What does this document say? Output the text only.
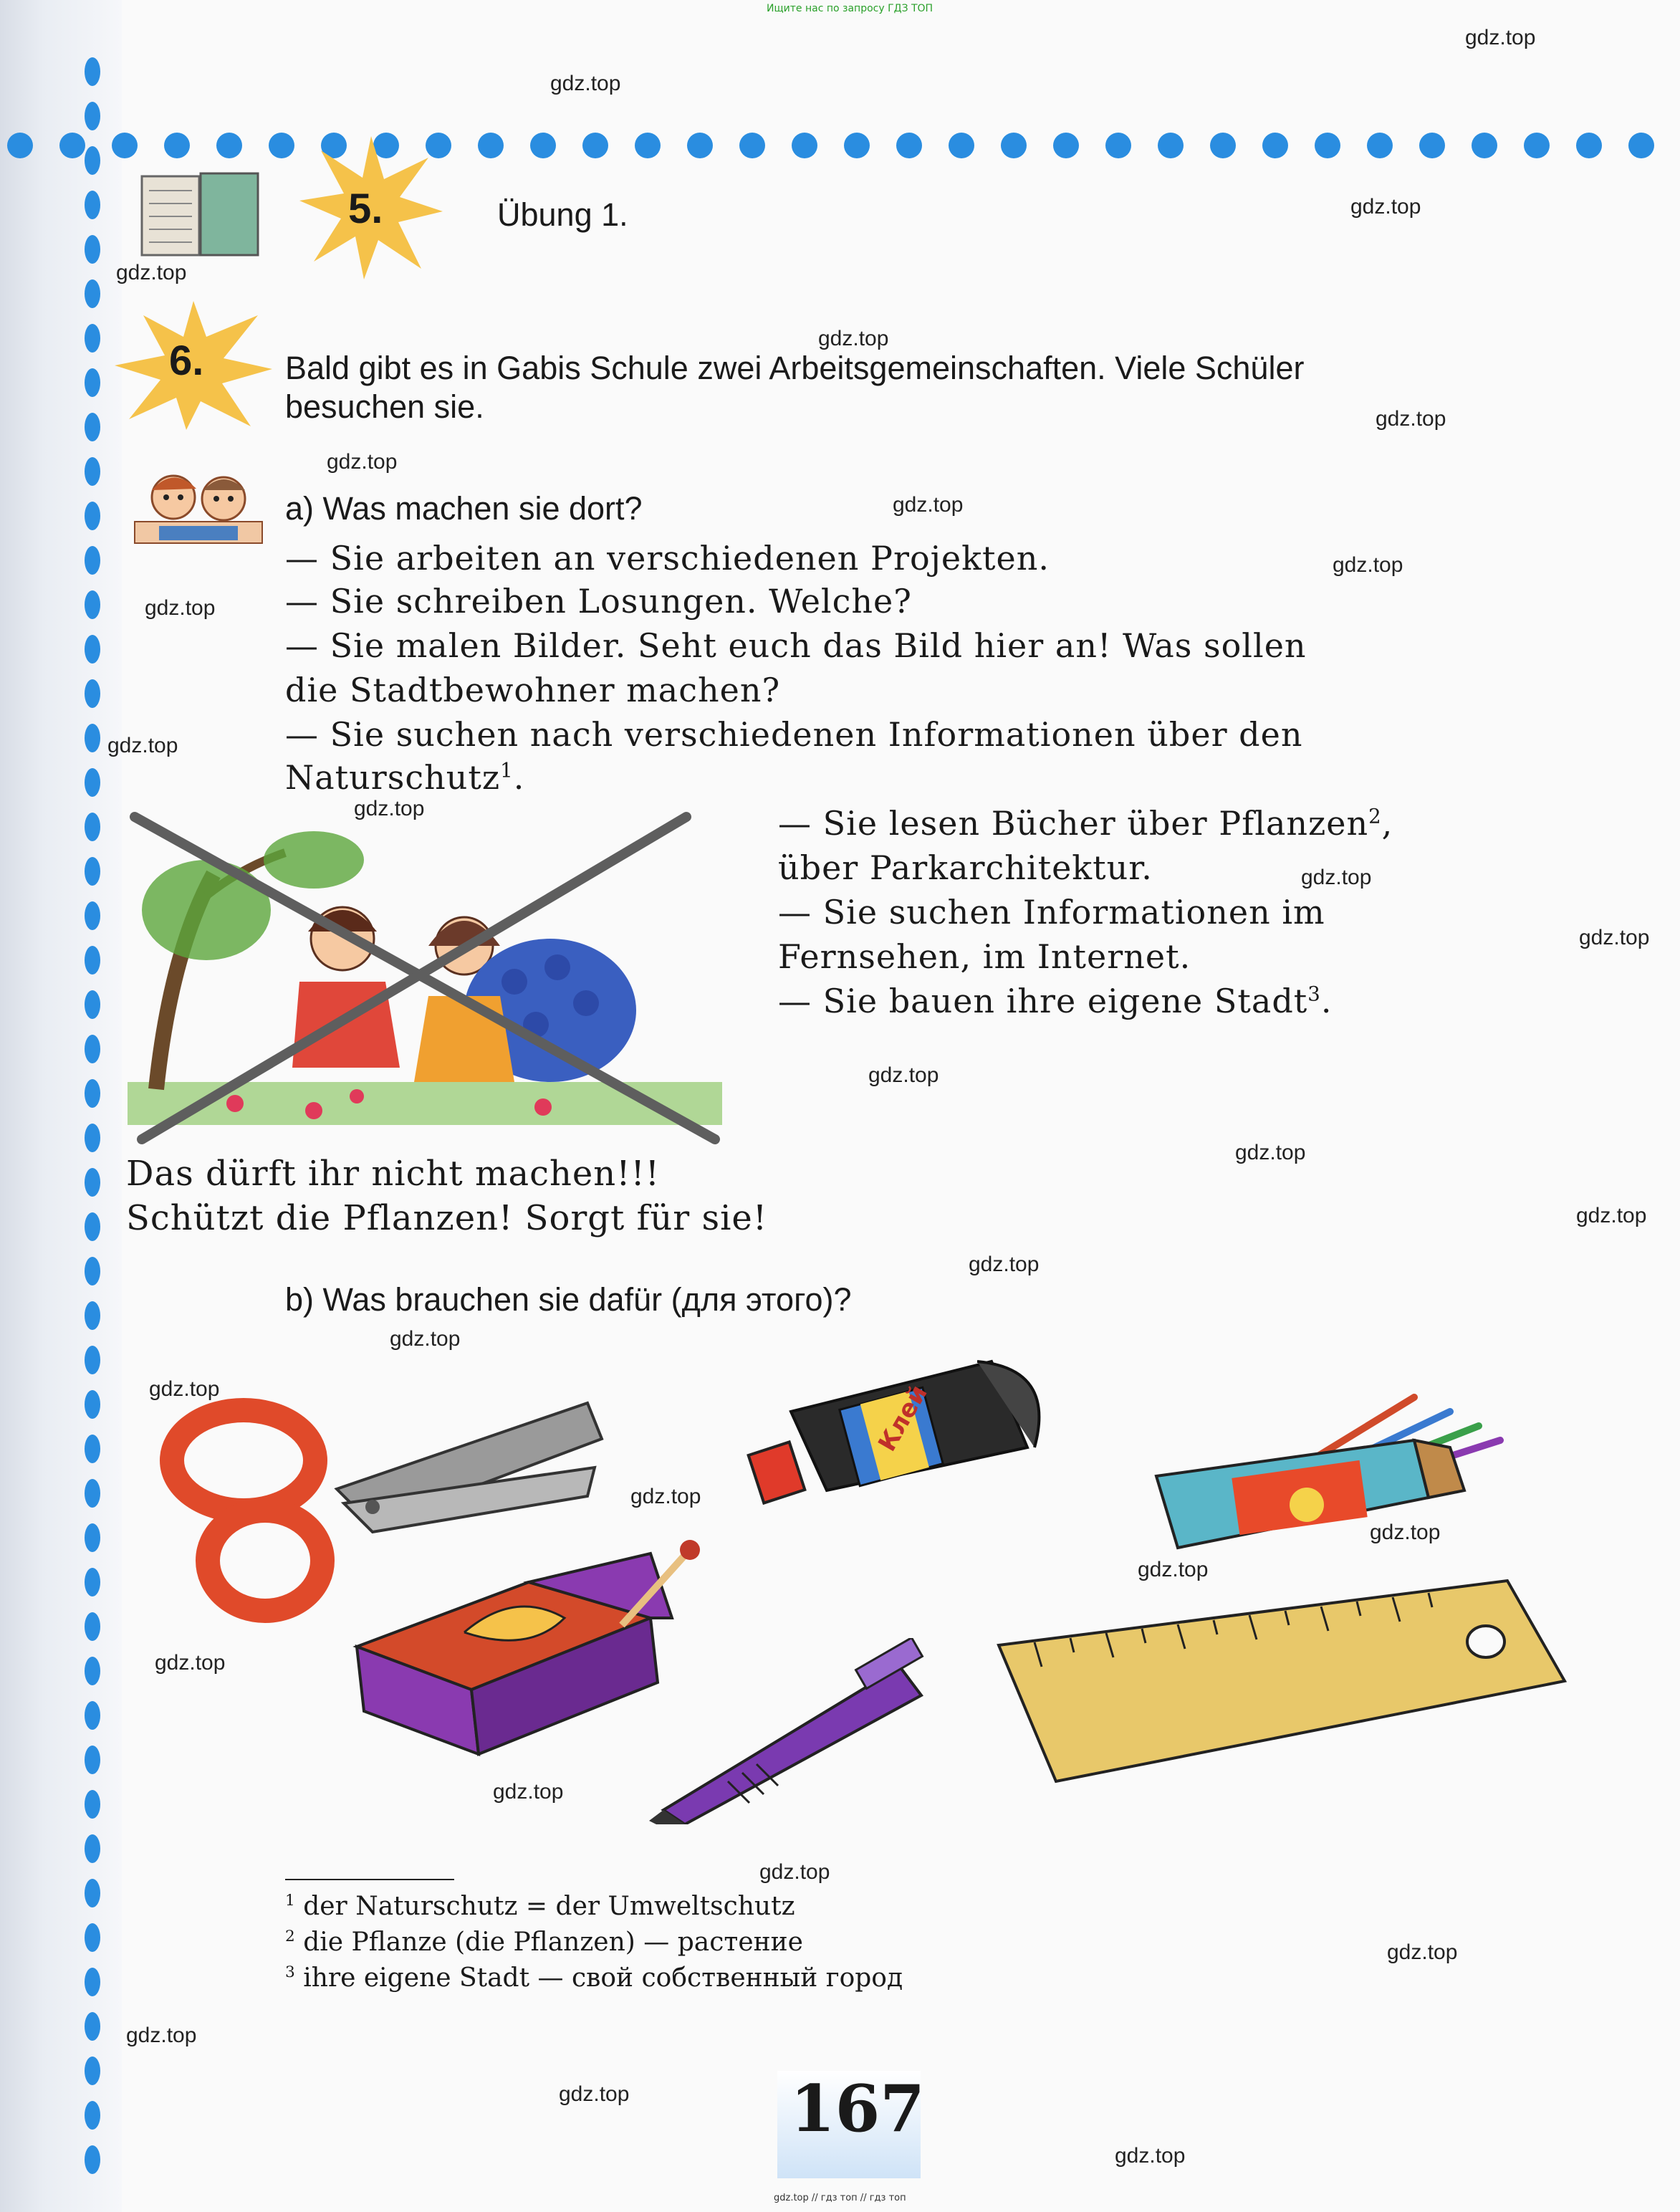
Ищите нас по запросу ГДЗ ТОП
gdz.top
gdz.top
gdz.top
gdz.top
gdz.top
gdz.top
gdz.top
gdz.top
gdz.top
gdz.top
gdz.top
gdz.top
gdz.top
gdz.top
gdz.top
gdz.top
gdz.top
gdz.top
gdz.top
gdz.top
gdz.top
gdz.top
gdz.top
gdz.top
gdz.top
gdz.top
gdz.top
gdz.top
gdz.top
gdz.top
5.	Übung 1.
6.	Bald gibt es in Gabis Schule zwei Arbeitsgemeinschaften. Viele Schüler
besuchen sie.
a) Was machen sie dort?
— Sie arbeiten an verschiedenen Projekten.
— Sie schreiben Losungen. Welche?
— Sie malen Bilder. Seht euch das Bild hier an! Was sollen
die Stadtbewohner machen?
— Sie suchen nach verschiedenen Informationen über den
Naturschutz$^1$.
— Sie lesen Bücher über Pflanzen$^2$,
über Parkarchitektur.
— Sie suchen Informationen im
Fernsehen, im Internet.
— Sie bauen ihre eigene Stadt$^3$.
Das dürft ihr nicht machen!!!
Schützt die Pflanzen! Sorgt für sie!
b) Was brauchen sie dafür (для этого)?
Клей
$^1$ der Naturschutz = der Umweltschutz
$^2$ die Pflanze (die Pflanzen) — растение
$^3$ ihre eigene Stadt — свой собственный город
167
gdz.top // гдз топ // гдз топ
